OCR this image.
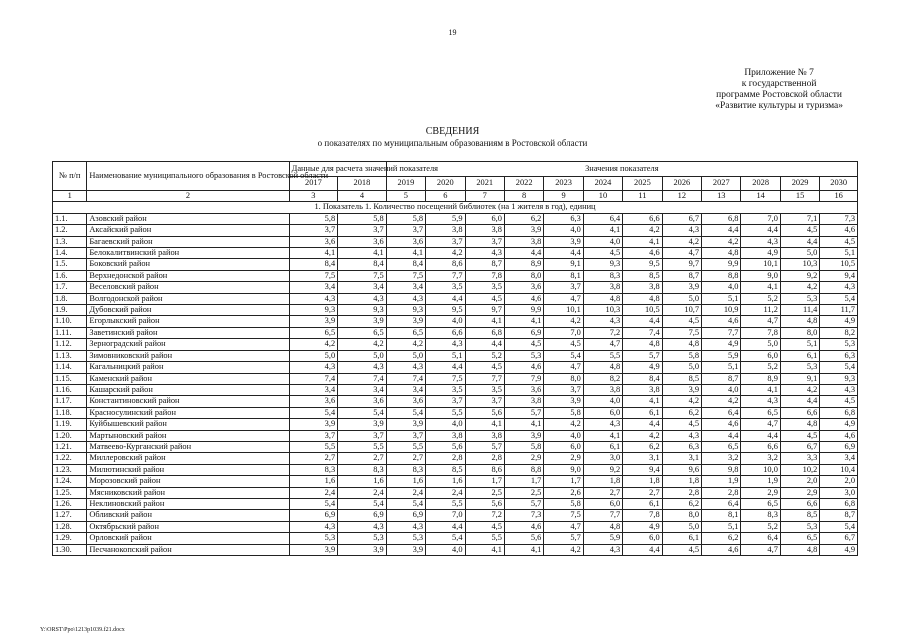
19
Приложение № 7
к государственной
программе Ростовской области
«Развитие культуры и туризма»
СВЕДЕНИЯ
о показателях по муниципальным образованиям в Ростовской области
№ п/п	Наименование муниципального образования в Ростовской области	Данные для расчета значений показателя		Значения показателя											
		2017	2018	2019	2020	2021	2022	2023	2024	2025	2026	2027	2028	2029	2030
1	2	3	4	5	6	7	8	9	10	11	12	13	14	15	16
1. Показатель 1. Количество посещений библиотек (на 1 жителя в год), единиц															
1.1.	Азовский район	5,8	5,8	5,8	5,9	6,0	6,2	6,3	6,4	6,6	6,7	6,8	7,0	7,1	7,3
1.2.	Аксайский район	3,7	3,7	3,7	3,8	3,8	3,9	4,0	4,1	4,2	4,3	4,4	4,4	4,5	4,6
1.3.	Багаевский район	3,6	3,6	3,6	3,7	3,7	3,8	3,9	4,0	4,1	4,2	4,2	4,3	4,4	4,5
1.4.	Белокалитвинский район	4,1	4,1	4,1	4,2	4,3	4,4	4,4	4,5	4,6	4,7	4,8	4,9	5,0	5,1
1.5.	Боковский район	8,4	8,4	8,4	8,6	8,7	8,9	9,1	9,3	9,5	9,7	9,9	10,1	10,3	10,5
1.6.	Верхнедонской район	7,5	7,5	7,5	7,7	7,8	8,0	8,1	8,3	8,5	8,7	8,8	9,0	9,2	9,4
1.7.	Веселовский район	3,4	3,4	3,4	3,5	3,5	3,6	3,7	3,8	3,8	3,9	4,0	4,1	4,2	4,3
1.8.	Волгодонской район	4,3	4,3	4,3	4,4	4,5	4,6	4,7	4,8	4,8	5,0	5,1	5,2	5,3	5,4
1.9.	Дубовский район	9,3	9,3	9,3	9,5	9,7	9,9	10,1	10,3	10,5	10,7	10,9	11,2	11,4	11,7
1.10.	Егорлыкский район	3,9	3,9	3,9	4,0	4,1	4,1	4,2	4,3	4,4	4,5	4,6	4,7	4,8	4,9
1.11.	Заветинский район	6,5	6,5	6,5	6,6	6,8	6,9	7,0	7,2	7,4	7,5	7,7	7,8	8,0	8,2
1.12.	Зерноградский район	4,2	4,2	4,2	4,3	4,4	4,5	4,5	4,7	4,8	4,8	4,9	5,0	5,1	5,3
1.13.	Зимовниковский район	5,0	5,0	5,0	5,1	5,2	5,3	5,4	5,5	5,7	5,8	5,9	6,0	6,1	6,3
1.14.	Кагальницкий район	4,3	4,3	4,3	4,4	4,5	4,6	4,7	4,8	4,9	5,0	5,1	5,2	5,3	5,4
1.15.	Каменский район	7,4	7,4	7,4	7,5	7,7	7,9	8,0	8,2	8,4	8,5	8,7	8,9	9,1	9,3
1.16.	Кашарский район	3,4	3,4	3,4	3,5	3,5	3,6	3,7	3,8	3,8	3,9	4,0	4,1	4,2	4,3
1.17.	Константиновский район	3,6	3,6	3,6	3,7	3,7	3,8	3,9	4,0	4,1	4,2	4,2	4,3	4,4	4,5
1.18.	Красносулинский район	5,4	5,4	5,4	5,5	5,6	5,7	5,8	6,0	6,1	6,2	6,4	6,5	6,6	6,8
1.19.	Куйбышевский район	3,9	3,9	3,9	4,0	4,1	4,1	4,2	4,3	4,4	4,5	4,6	4,7	4,8	4,9
1.20.	Мартыновский район	3,7	3,7	3,7	3,8	3,8	3,9	4,0	4,1	4,2	4,3	4,4	4,4	4,5	4,6
1.21.	Матвеево-Курганский район	5,5	5,5	5,5	5,6	5,7	5,8	6,0	6,1	6,2	6,3	6,5	6,6	6,7	6,9
1.22.	Миллеровский район	2,7	2,7	2,7	2,8	2,8	2,9	2,9	3,0	3,1	3,1	3,2	3,2	3,3	3,4
1.23.	Милютинский район	8,3	8,3	8,3	8,5	8,6	8,8	9,0	9,2	9,4	9,6	9,8	10,0	10,2	10,4
1.24.	Морозовский район	1,6	1,6	1,6	1,6	1,7	1,7	1,7	1,8	1,8	1,8	1,9	1,9	2,0	2,0
1.25.	Мясниковский район	2,4	2,4	2,4	2,4	2,5	2,5	2,6	2,7	2,7	2,8	2,8	2,9	2,9	3,0
1.26.	Неклиновский район	5,4	5,4	5,4	5,5	5,6	5,7	5,8	6,0	6,1	6,2	6,4	6,5	6,6	6,8
1.27.	Обливский район	6,9	6,9	6,9	7,0	7,2	7,3	7,5	7,7	7,8	8,0	8,1	8,3	8,5	8,7
1.28.	Октябрьский район	4,3	4,3	4,3	4,4	4,5	4,6	4,7	4,8	4,9	5,0	5,1	5,2	5,3	5,4
1.29.	Орловский район	5,3	5,3	5,3	5,4	5,5	5,6	5,7	5,9	6,0	6,1	6,2	6,4	6,5	6,7
1.30.	Песчанокопский район	3,9	3,9	3,9	4,0	4,1	4,1	4,2	4,3	4,4	4,5	4,6	4,7	4,8	4,9
Y:\ORST\Ppo\1213p1039.f21.docx
